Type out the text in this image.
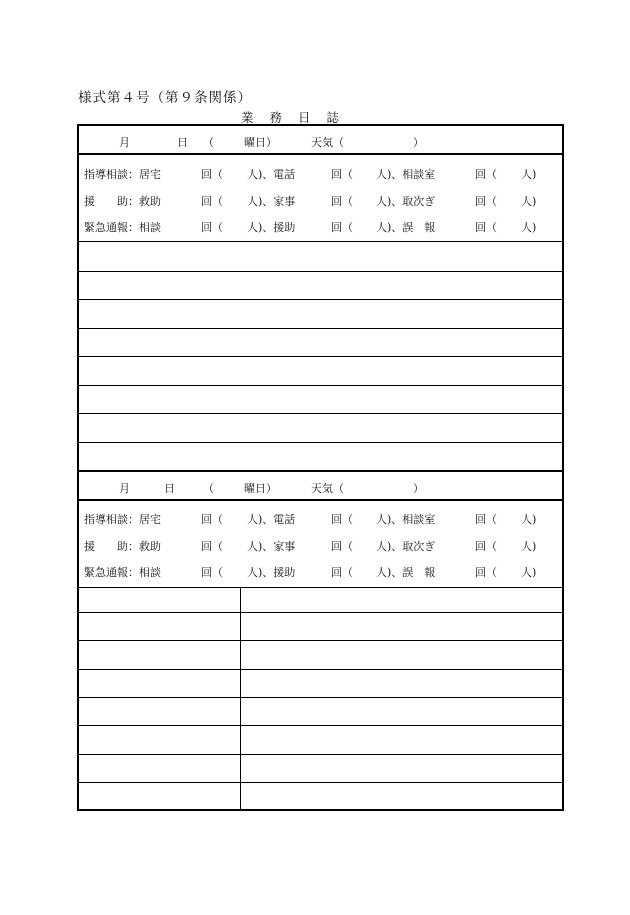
様式第４号（第９条関係）
業 務 日 誌
月	日 （	曜日）	天気（	）
指導相談：居宅	回（ 人)、電話	回（ 人)、相談室	回（ 人)
援　　助：救助	回（ 人)、家事	回（ 人)、取次ぎ	回（ 人)
緊急通報：相談	回（ 人)、援助	回（ 人)、誤　報	回（ 人)
月	日	（	曜日）	天気（	）
指導相談：居宅	回（ 人)、電話	回（ 人)、相談室	回（ 人)
援　　助：救助	回（ 人)、家事	回（ 人)、取次ぎ	回（ 人)
緊急通報：相談	回（ 人)、援助	回（ 人)、誤　報	回（ 人)
